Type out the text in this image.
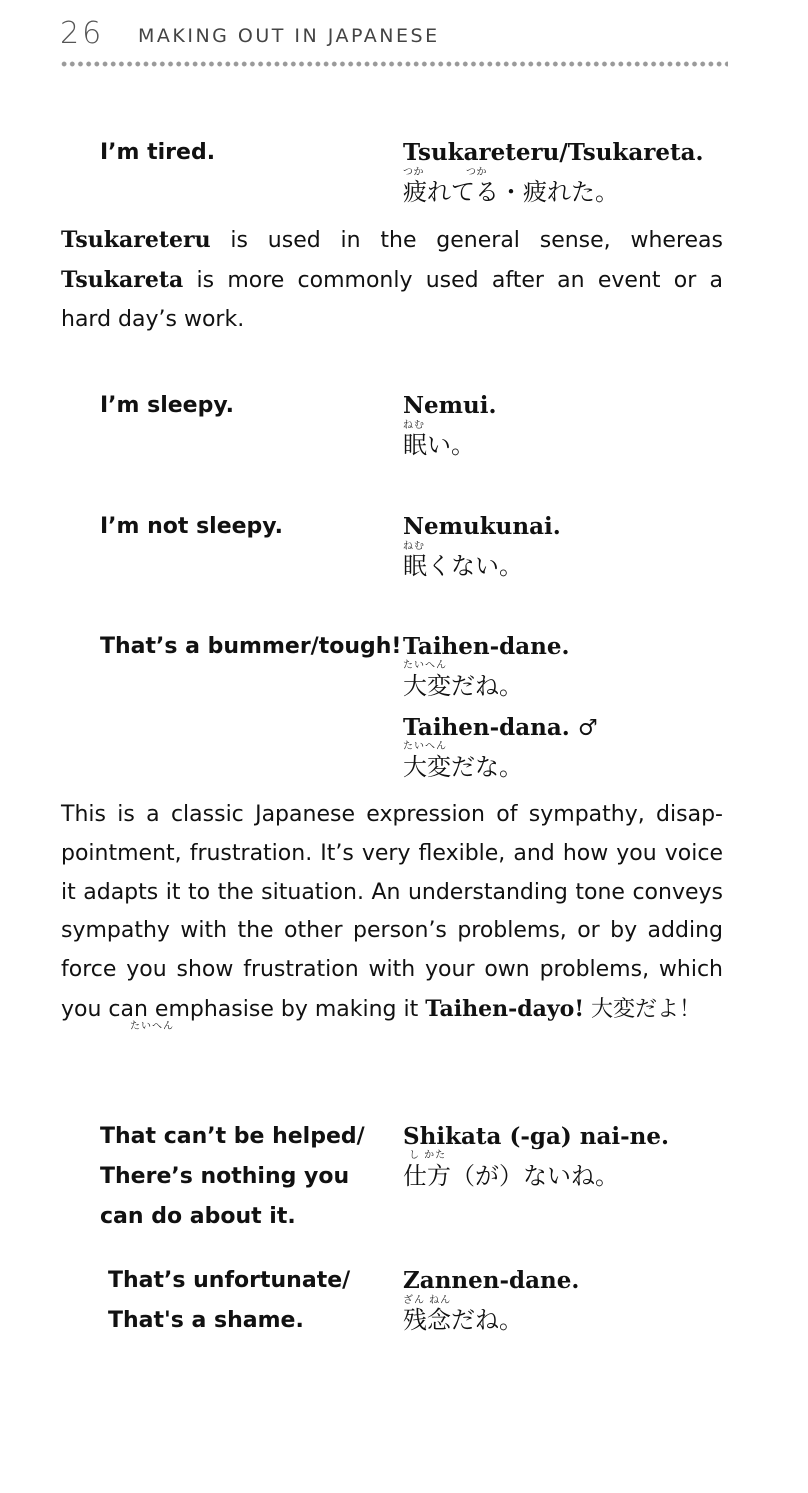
26 MAKING OUT IN JAPANESE
I’m tired.	Tsukareteru/Tsukareta.
つか　　　　つか
疲れてる・疲れた。

Tsukareteru is used in the general sense, whereas Tsukareta is more commonly used after an event or a hard day’s work.

I’m sleepy.	Nemui.
ねむ
眠い。
I’m not sleepy.	Nemukunai.
ねむ
眠くない。
That’s a bummer/tough! Taihen-dane.
たいへん
大変だね。
Taihen-dana. ♂
たいへん
大変だな。

This is a classic Japanese expression of sympathy, disappointment, frustration. It’s very flexible, and how you voice it adapts it to the situation. An understanding tone conveys sympathy with the other person’s problems, or by adding force you show frustration with your own problems, which you can emphasise by making it Taihen-dayo! 大変だよ！

たいへん
That can’t be helped/
There’s nothing you
can do about it.
Shikata (-ga) nai-ne.
し かた
仕方（が）ないね。
That’s unfortunate/
That's a shame.
Zannen-dane.
ざん ねん
残念だね。
